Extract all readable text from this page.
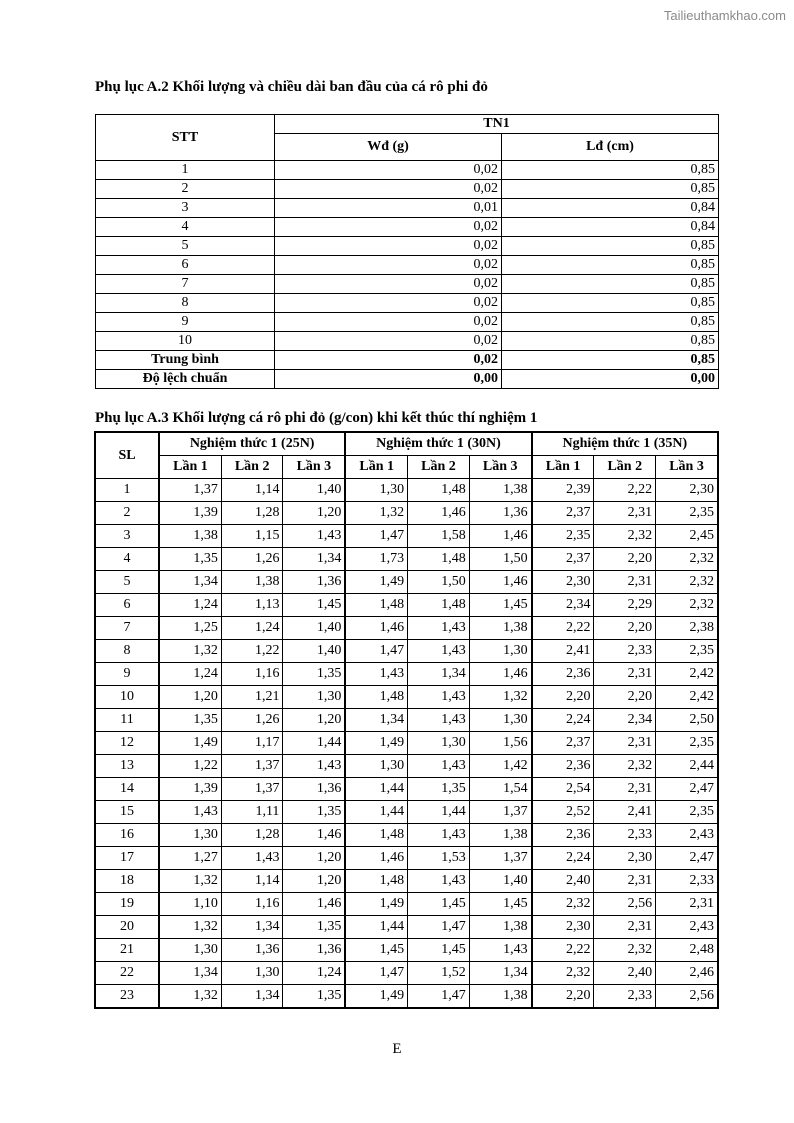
Tailieuthamkhao.com
Phụ lục A.2 Khối lượng và chiều dài ban đầu của cá rô phi đỏ
STT	TN1	
	Wđ (g)	Lđ (cm)
1	0,02	0,85
2	0,02	0,85
3	0,01	0,84
4	0,02	0,84
5	0,02	0,85
6	0,02	0,85
7	0,02	0,85
8	0,02	0,85
9	0,02	0,85
10	0,02	0,85
Trung bình	0,02	0,85
Độ lệch chuẩn	0,00	0,00
Phụ lục A.3 Khối lượng cá rô phi đỏ (g/con) khi kết thúc thí nghiệm 1
SL	Nghiệm thức 1 (25N)			Nghiệm thức 1 (30N)			Nghiệm thức 1 (35N)		
	Lần 1	Lần 2	Lần 3	Lần 1	Lần 2	Lần 3	Lần 1	Lần 2	Lần 3
1	1,37	1,14	1,40	1,30	1,48	1,38	2,39	2,22	2,30
2	1,39	1,28	1,20	1,32	1,46	1,36	2,37	2,31	2,35
3	1,38	1,15	1,43	1,47	1,58	1,46	2,35	2,32	2,45
4	1,35	1,26	1,34	1,73	1,48	1,50	2,37	2,20	2,32
5	1,34	1,38	1,36	1,49	1,50	1,46	2,30	2,31	2,32
6	1,24	1,13	1,45	1,48	1,48	1,45	2,34	2,29	2,32
7	1,25	1,24	1,40	1,46	1,43	1,38	2,22	2,20	2,38
8	1,32	1,22	1,40	1,47	1,43	1,30	2,41	2,33	2,35
9	1,24	1,16	1,35	1,43	1,34	1,46	2,36	2,31	2,42
10	1,20	1,21	1,30	1,48	1,43	1,32	2,20	2,20	2,42
11	1,35	1,26	1,20	1,34	1,43	1,30	2,24	2,34	2,50
12	1,49	1,17	1,44	1,49	1,30	1,56	2,37	2,31	2,35
13	1,22	1,37	1,43	1,30	1,43	1,42	2,36	2,32	2,44
14	1,39	1,37	1,36	1,44	1,35	1,54	2,54	2,31	2,47
15	1,43	1,11	1,35	1,44	1,44	1,37	2,52	2,41	2,35
16	1,30	1,28	1,46	1,48	1,43	1,38	2,36	2,33	2,43
17	1,27	1,43	1,20	1,46	1,53	1,37	2,24	2,30	2,47
18	1,32	1,14	1,20	1,48	1,43	1,40	2,40	2,31	2,33
19	1,10	1,16	1,46	1,49	1,45	1,45	2,32	2,56	2,31
20	1,32	1,34	1,35	1,44	1,47	1,38	2,30	2,31	2,43
21	1,30	1,36	1,36	1,45	1,45	1,43	2,22	2,32	2,48
22	1,34	1,30	1,24	1,47	1,52	1,34	2,32	2,40	2,46
23	1,32	1,34	1,35	1,49	1,47	1,38	2,20	2,33	2,56
E
